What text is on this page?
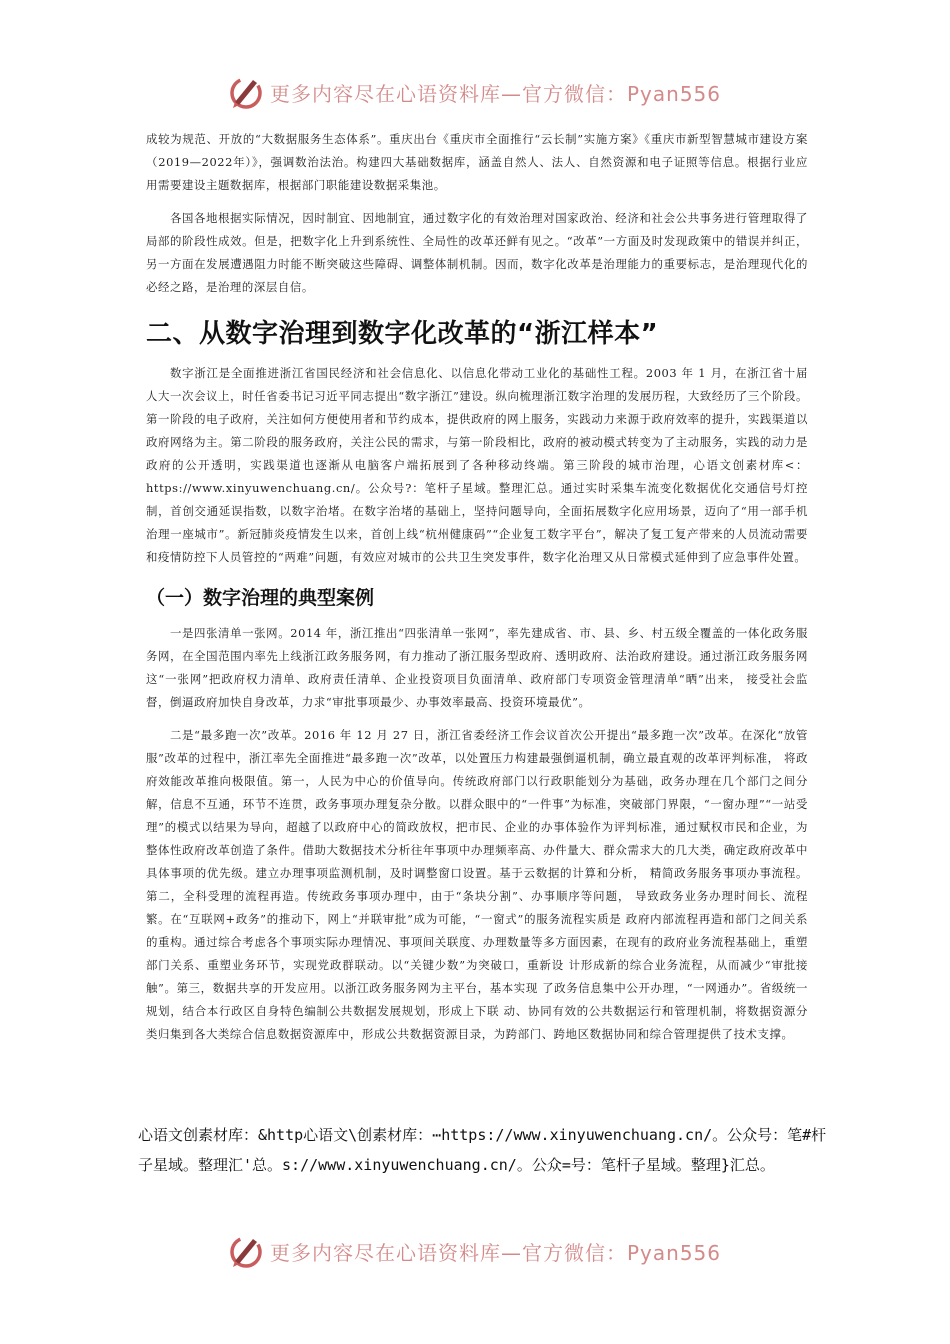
更多内容尽在心语资料库—官方微信：Pyan556

成较为规范、开放的“大数据服务生态体系”。重庆出台《重庆市全面推行“云长制”实施方案》《重庆市新型智慧城市建设方案（2019—2022年）》，强调数治法治。构建四大基础数据库，涵盖自然人、法人、自然资源和电子证照等信息。根据行业应用需要建设主题数据库，根据部门职能建设数据采集池。

各国各地根据实际情况，因时制宜、因地制宜，通过数字化的有效治理对国家政治、经济和社会公共事务进行管理取得了局部的阶段性成效。但是，把数字化上升到系统性、全局性的改革还鲜有见之。“改革”一方面及时发现政策中的错误并纠正，另一方面在发展遭遇阻力时能不断突破这些障碍、调整体制机制。因而，数字化改革是治理能力的重要标志，是治理现代化的必经之路，是治理的深层自信。

二、从数字治理到数字化改革的“浙江样本”

数字浙江是全面推进浙江省国民经济和社会信息化、以信息化带动工业化的基础性工程。2003 年 1 月，在浙江省十届人大一次会议上，时任省委书记习近平同志提出“数字浙江”建设。纵向梳理浙江数字治理的发展历程，大致经历了三个阶段。第一阶段的电子政府，关注如何方便使用者和节约成本，提供政府的网上服务，实践动力来源于政府效率的提升，实践渠道以政府网络为主。第二阶段的服务政府，关注公民的需求，与第一阶段相比，政府的被动模式转变为了主动服务，实践的动力是政府的公开透明，实践渠道也逐渐从电脑客户端拓展到了各种移动终端。第三阶段的城市治理，心语文创素材库<：https://www.xinyuwenchuang.cn/。公众号?：笔杆子星域。整理汇总。通过实时采集车流变化数据优化交通信号灯控制，首创交通延误指数，以数字治堵。在数字治堵的基础上，坚持问题导向，全面拓展数字化应用场景，迈向了“用一部手机治理一座城市”。新冠肺炎疫情发生以来，首创上线“杭州健康码”“企业复工数字平台”，解决了复工复产带来的人员流动需要和疫情防控下人员管控的“两难”问题，有效应对城市的公共卫生突发事件，数字化治理又从日常模式延伸到了应急事件处置。

（一）数字治理的典型案例

一是四张清单一张网。2014 年，浙江推出“四张清单一张网”，率先建成省、市、县、乡、村五级全覆盖的一体化政务服务网，在全国范围内率先上线浙江政务服务网，有力推动了浙江服务型政府、透明政府、法治政府建设。通过浙江政务服务网这“一张网”把政府权力清单、政府责任清单、企业投资项目负面清单、政府部门专项资金管理清单“晒”出来， 接受社会监督，倒逼政府加快自身改革，力求“审批事项最少、办事效率最高、投资环境最优”。

二是“最多跑一次”改革。2016 年 12 月 27 日，浙江省委经济工作会议首次公开提出“最多跑一次”改革。在深化“放管服”改革的过程中，浙江率先全面推进“最多跑一次”改革，以处置压力构建最强倒逼机制，确立最直观的改革评判标准， 将政府效能改革推向极限值。第一，人民为中心的价值导向。传统政府部门以行政职能划分为基础，政务办理在几个部门之间分解，信息不互通，环节不连贯，政务事项办理复杂分散。以群众眼中的“一件事”为标准，突破部门界限，“一窗办理”“一站受理”的模式以结果为导向，超越了以政府中心的简政放权，把市民、企业的办事体验作为评判标准，通过赋权市民和企业，为整体性政府改革创造了条件。借助大数据技术分析往年事项中办理频率高、办件量大、群众需求大的几大类，确定政府改革中具体事项的优先级。建立办理事项监测机制，及时调整窗口设置。基于云数据的计算和分析， 精简政务服务事项办事流程。第二，全科受理的流程再造。传统政务事项办理中，由于“条块分割”、办事顺序等问题， 导致政务业务办理时间长、流程繁。在“互联网+政务”的推动下，网上“并联审批”成为可能，“一窗式”的服务流程实质是 政府内部流程再造和部门之间关系的重构。通过综合考虑各个事项实际办理情况、事项间关联度、办理数量等多方面因素，在现有的政府业务流程基础上，重塑部门关系、重塑业务环节，实现党政群联动。以“关键少数”为突破口，重新设 计形成新的综合业务流程，从而减少“审批接触”。第三，数据共享的开发应用。以浙江政务服务网为主平台，基本实现 了政务信息集中公开办理，“一网通办”。省级统一规划，结合本行政区自身特色编制公共数据发展规划，形成上下联 动、协同有效的公共数据运行和管理机制，将数据资源分类归集到各大类综合信息数据资源库中，形成公共数据资源目录，为跨部门、跨地区数据协同和综合管理提供了技术支撑。

心语文创素材库：&http心语文\创素材库：⋯https://www.xinyuwenchuang.cn/。公众号：笔#杆子星域。整理汇'总。s://www.xinyuwenchuang.cn/。公众=号：笔杆子星域。整理}汇总。
更多内容尽在心语资料库—官方微信：Pyan556
